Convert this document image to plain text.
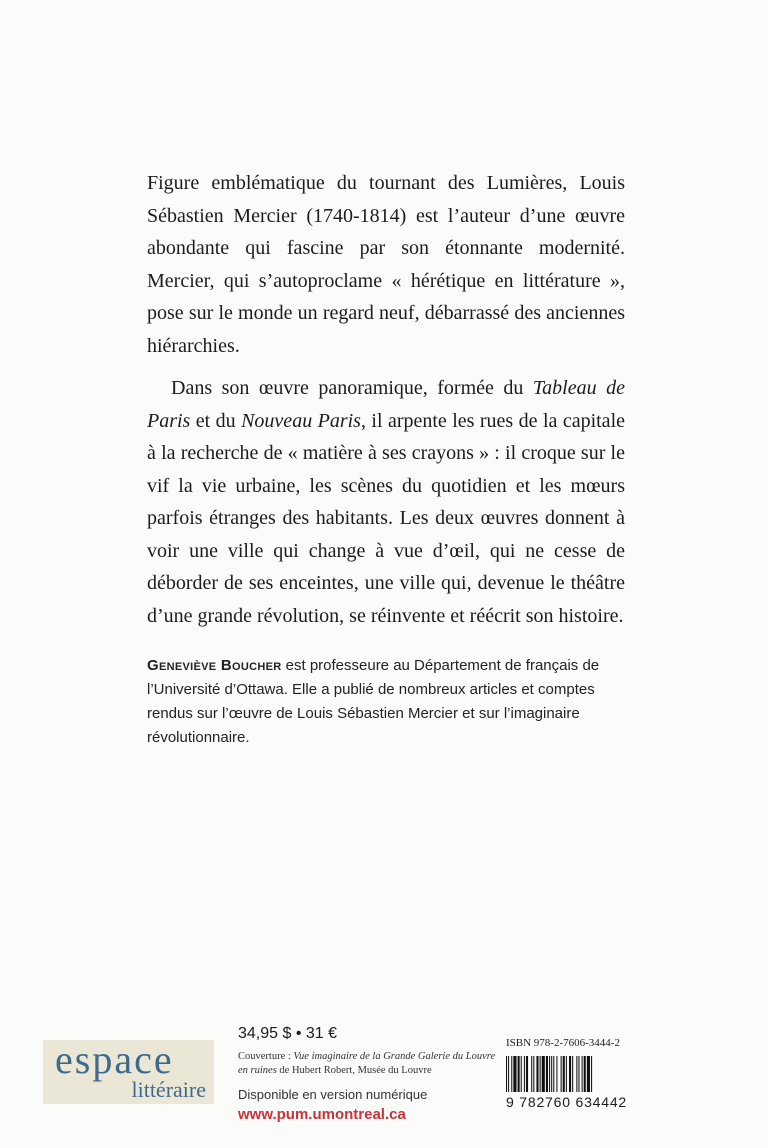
Figure emblématique du tournant des Lumières, Louis Sébastien Mercier (1740-1814) est l’auteur d’une œuvre abondante qui fascine par son étonnante modernité. Mercier, qui s’autoproclame « hérétique en littérature », pose sur le monde un regard neuf, débarrassé des anciennes hiérarchies.

Dans son œuvre panoramique, formée du Tableau de Paris et du Nouveau Paris, il arpente les rues de la capitale à la recherche de « matière à ses crayons » : il croque sur le vif la vie urbaine, les scènes du quotidien et les mœurs parfois étranges des habitants. Les deux œuvres donnent à voir une ville qui change à vue d’œil, qui ne cesse de déborder de ses enceintes, une ville qui, devenue le théâtre d’une grande révolution, se réinvente et réécrit son histoire.

Geneviève Boucher est professeure au Département de français de l’Université d’Ottawa. Elle a publié de nombreux articles et comptes rendus sur l’œuvre de Louis Sébastien Mercier et sur l’imaginaire révolutionnaire.
espace
littéraire
34,95 $ • 31 €
Couverture : Vue imaginaire de la Grande Galerie du Louvre en ruines de Hubert Robert, Musée du Louvre
Disponible en version numérique
www.pum.umontreal.ca
ISBN 978-2-7606-3444-2
9 782760 634442
